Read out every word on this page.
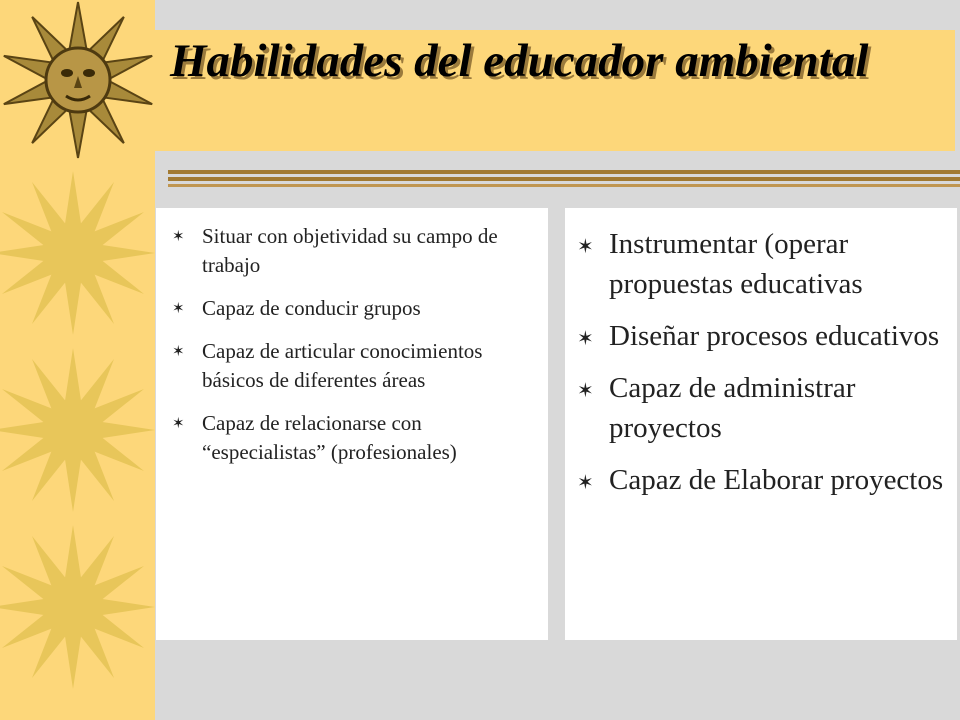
Habilidades del educador ambiental
✶ Situar con objetividad su campo de trabajo
✶ Capaz de conducir grupos
✶ Capaz de articular conocimientos básicos de diferentes áreas
✶ Capaz de relacionarse con “especialistas” (profesionales)
✶ Instrumentar (operar propuestas educativas
✶ Diseñar procesos educativos
✶ Capaz de administrar proyectos
✶ Capaz de Elaborar proyectos
